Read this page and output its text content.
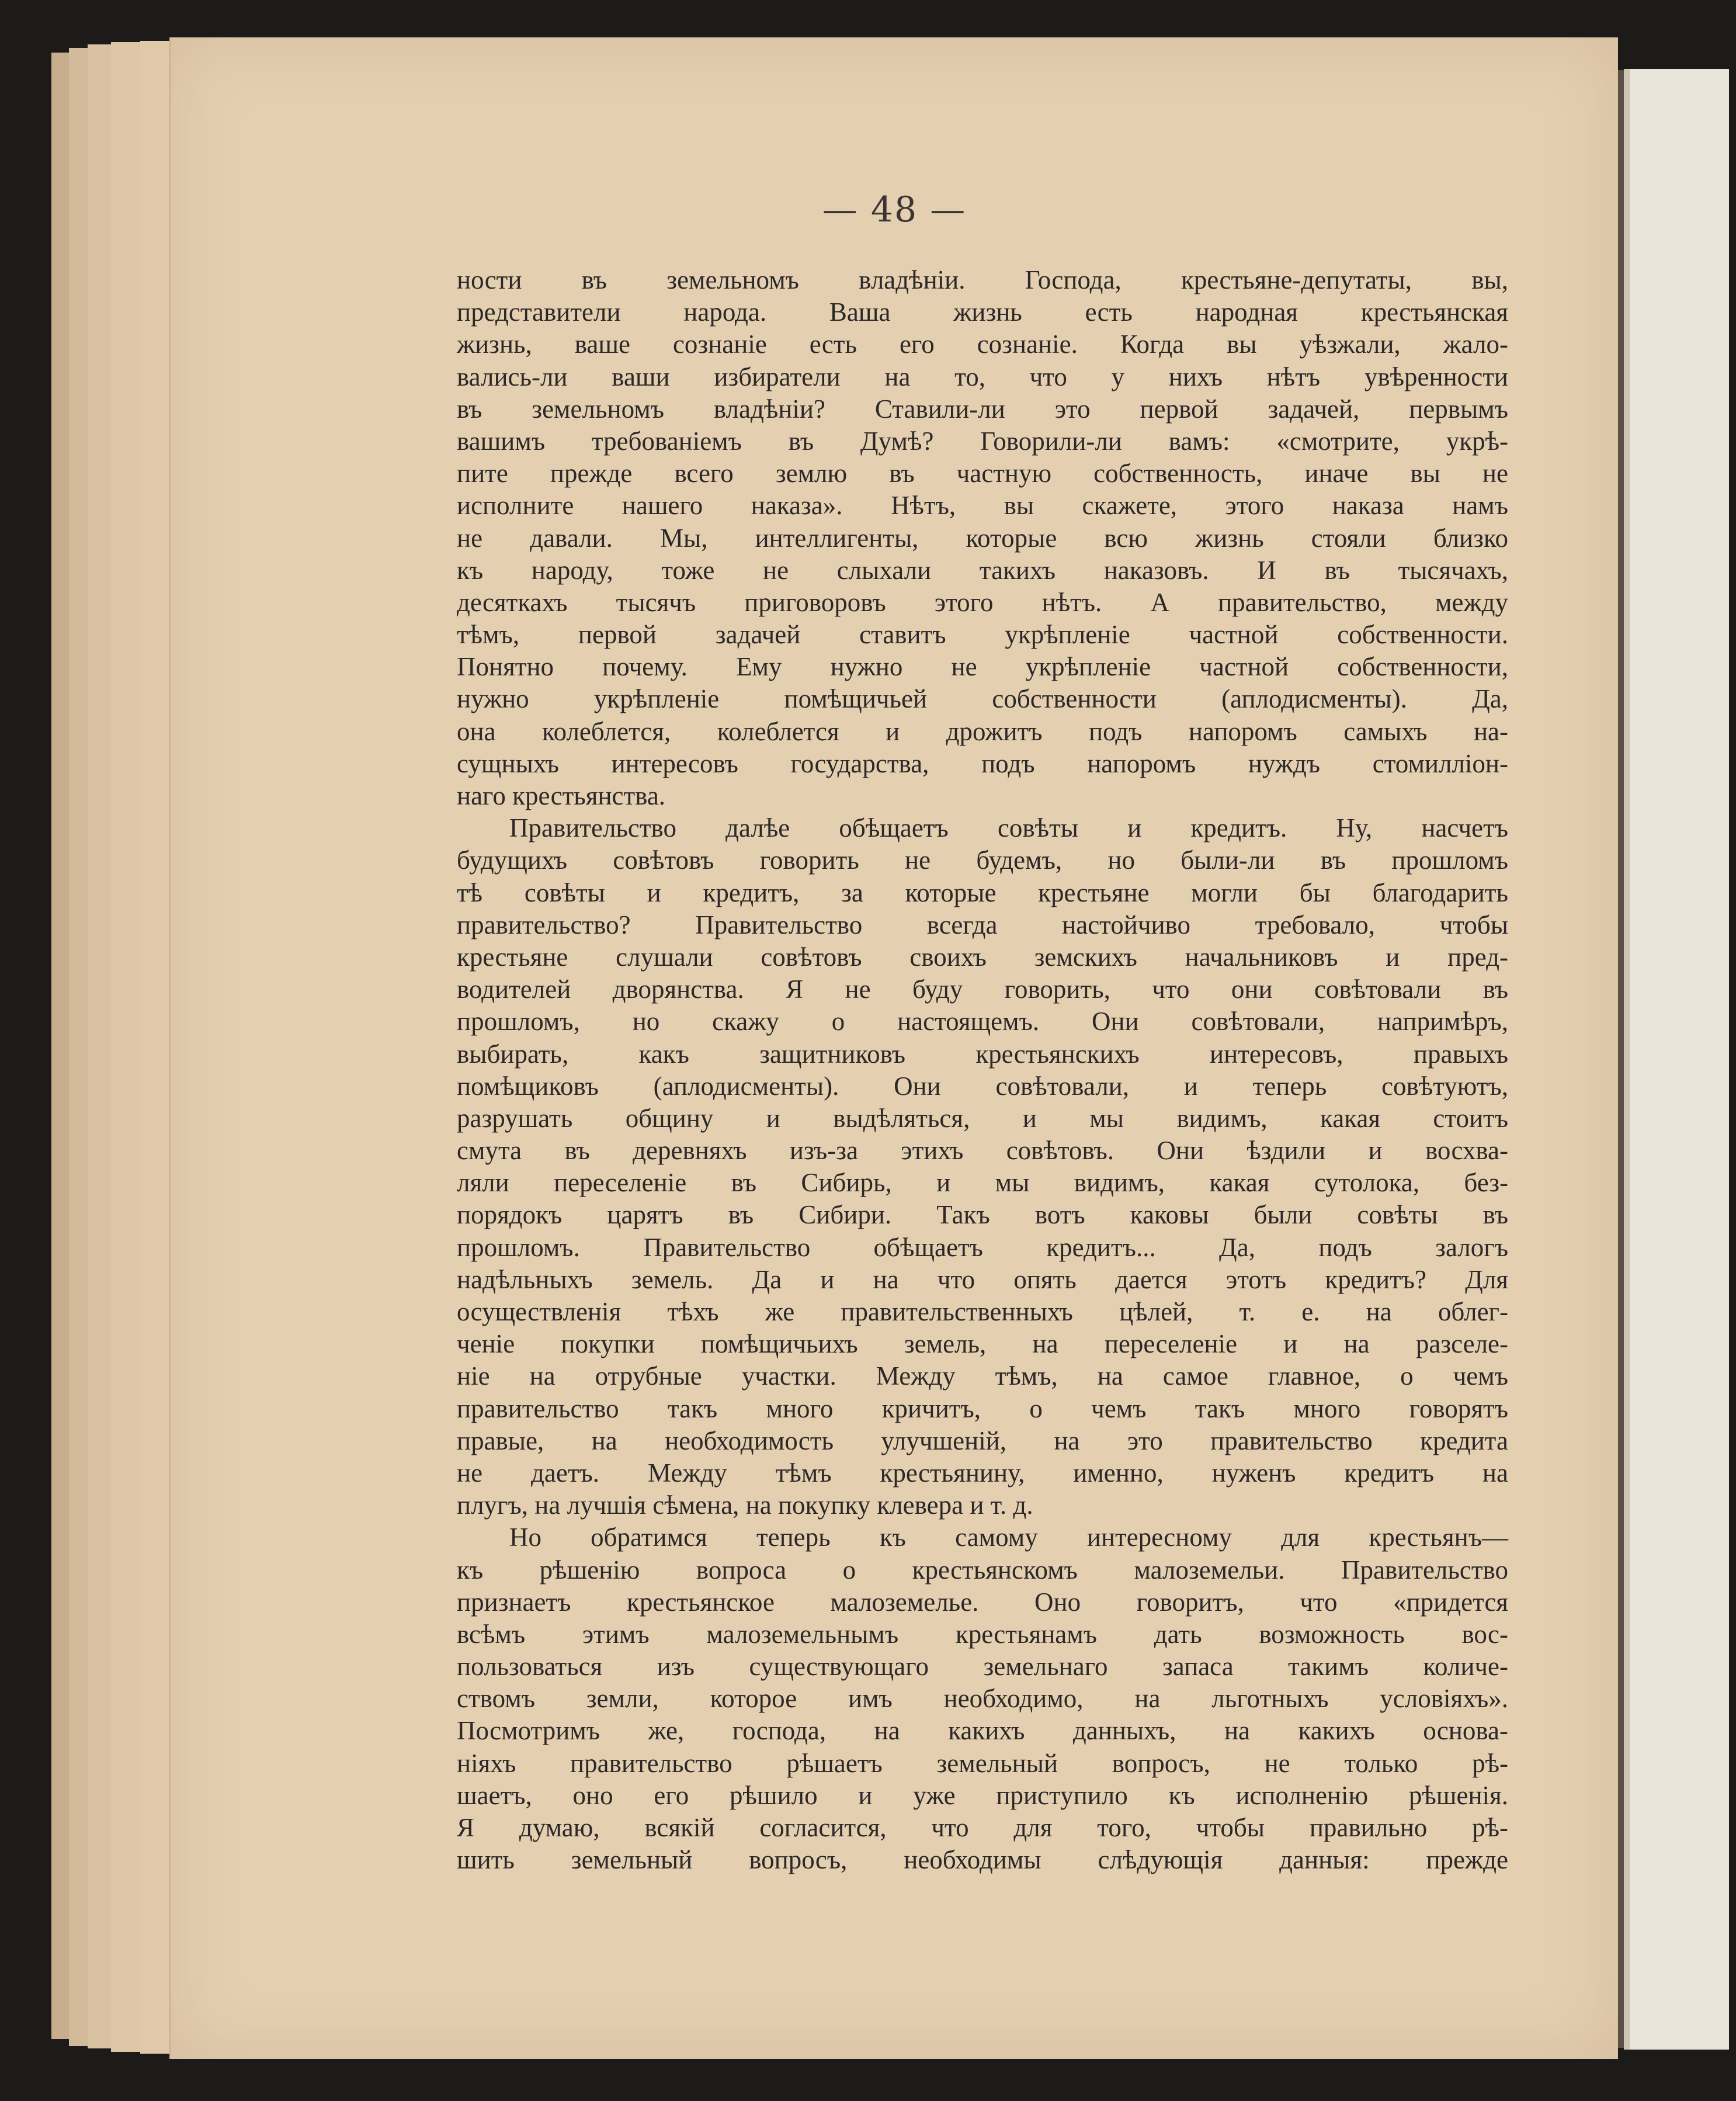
— 48 —
ности въ земельномъ владѣніи. Господа, крестьяне-депутаты, вы,
представители народа. Ваша жизнь есть народная крестьянская
жизнь, ваше сознаніе есть его сознаніе. Когда вы уѣзжали, жало-
вались-ли ваши избиратели на то, что у нихъ нѣтъ увѣренности
въ земельномъ владѣніи? Ставили-ли это первой задачей, первымъ
вашимъ требованіемъ въ Думѣ? Говорили-ли вамъ: «смотрите, укрѣ-
пите прежде всего землю въ частную собственность, иначе вы не
исполните нашего наказа». Нѣтъ, вы скажете, этого наказа намъ
не давали. Мы, интеллигенты, которые всю жизнь стояли близко
къ народу, тоже не слыхали такихъ наказовъ. И въ тысячахъ,
десяткахъ тысячъ приговоровъ этого нѣтъ. А правительство, между
тѣмъ, первой задачей ставитъ укрѣпленіе частной собственности.
Понятно почему. Ему нужно не укрѣпленіе частной собственности,
нужно укрѣпленіе помѣщичьей собственности (аплодисменты). Да,
она колеблется, колеблется и дрожитъ подъ напоромъ самыхъ на-
сущныхъ интересовъ государства, подъ напоромъ нуждъ стомилліон-
наго крестьянства.
Правительство далѣе обѣщаетъ совѣты и кредитъ. Ну, насчетъ
будущихъ совѣтовъ говорить не будемъ, но были-ли въ прошломъ
тѣ совѣты и кредитъ, за которые крестьяне могли бы благодарить
правительство? Правительство всегда настойчиво требовало, чтобы
крестьяне слушали совѣтовъ своихъ земскихъ начальниковъ и пред-
водителей дворянства. Я не буду говорить, что они совѣтовали въ
прошломъ, но скажу о настоящемъ. Они совѣтовали, напримѣръ,
выбирать, какъ защитниковъ крестьянскихъ интересовъ, правыхъ
помѣщиковъ (аплодисменты). Они совѣтовали, и теперь совѣтуютъ,
разрушать общину и выдѣляться, и мы видимъ, какая стоитъ
смута въ деревняхъ изъ-за этихъ совѣтовъ. Они ѣздили и восхва-
ляли переселеніе въ Сибирь, и мы видимъ, какая сутолока, без-
порядокъ царятъ въ Сибири. Такъ вотъ каковы были совѣты въ
прошломъ. Правительство обѣщаетъ кредитъ... Да, подъ залогъ
надѣльныхъ земель. Да и на что опять дается этотъ кредитъ? Для
осуществленія тѣхъ же правительственныхъ цѣлей, т. е. на облег-
ченіе покупки помѣщичьихъ земель, на переселеніе и на разселе-
ніе на отрубные участки. Между тѣмъ, на самое главное, о чемъ
правительство такъ много кричитъ, о чемъ такъ много говорятъ
правые, на необходимость улучшеній, на это правительство кредита
не даетъ. Между тѣмъ крестьянину, именно, нуженъ кредитъ на
плугъ, на лучшія сѣмена, на покупку клевера и т. д.
Но обратимся теперь къ самому интересному для крестьянъ—
къ рѣшенію вопроса о крестьянскомъ малоземельи. Правительство
признаетъ крестьянское малоземелье. Оно говоритъ, что «придется
всѣмъ этимъ малоземельнымъ крестьянамъ дать возможность вос-
пользоваться изъ существующаго земельнаго запаса такимъ количе-
ствомъ земли, которое имъ необходимо, на льготныхъ условіяхъ».
Посмотримъ же, господа, на какихъ данныхъ, на какихъ основа-
ніяхъ правительство рѣшаетъ земельный вопросъ, не только рѣ-
шаетъ, оно его рѣшило и уже приступило къ исполненію рѣшенія.
Я думаю, всякій согласится, что для того, чтобы правильно рѣ-
шить земельный вопросъ, необходимы слѣдующія данныя: прежде
